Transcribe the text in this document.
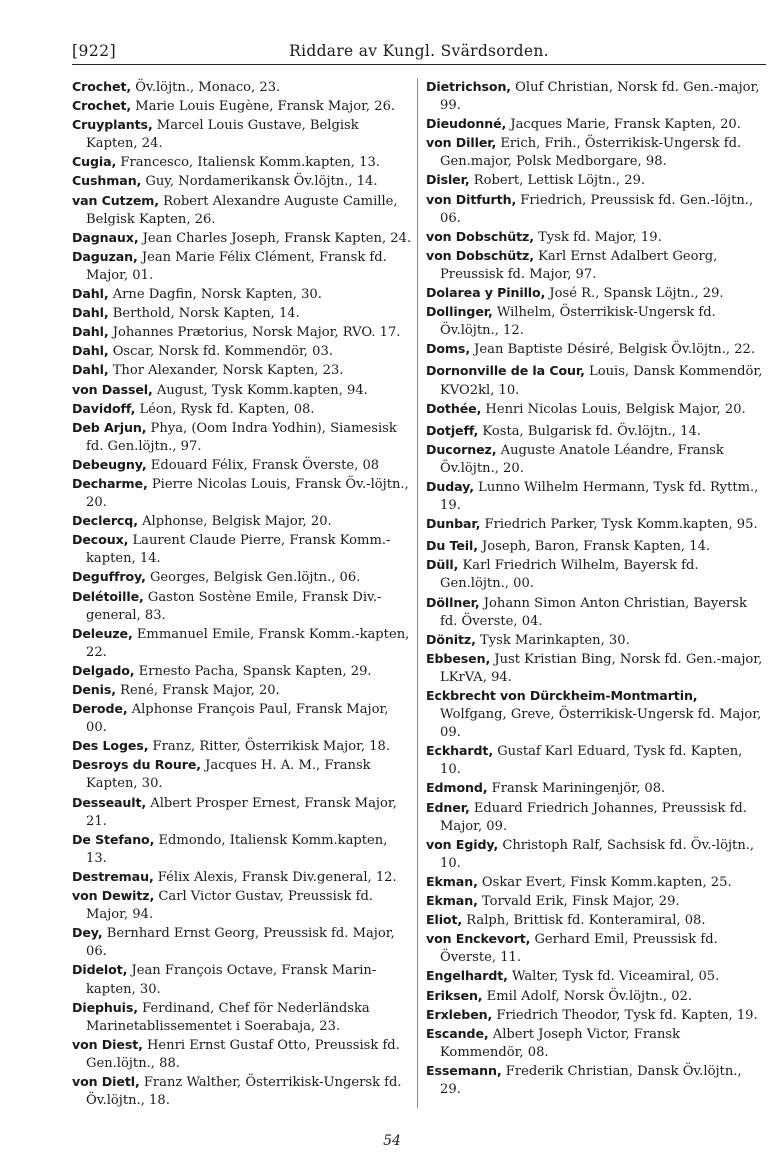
[922]	Riddare av Kungl. Svärdsorden.

Crochet, Öv.löjtn., Monaco, 23.

Crochet, Marie Louis Eugène, Fransk Major, 26.

Cruyplants, Marcel Louis Gustave, Belgisk Kapten, 24.

Cugia, Francesco, Italiensk Komm.kapten, 13.

Cushman, Guy, Nordamerikansk Öv.löjtn., 14.

van Cutzem, Robert Alexandre Auguste Camille, Belgisk Kapten, 26.

Dagnaux, Jean Charles Joseph, Fransk Kapten, 24.

Daguzan, Jean Marie Félix Clément, Fransk fd. Major, 01.

Dahl, Arne Dagfin, Norsk Kapten, 30.

Dahl, Berthold, Norsk Kapten, 14.

Dahl, Johannes Prætorius, Norsk Major, RVO. 17.

Dahl, Oscar, Norsk fd. Kommendör, 03.

Dahl, Thor Alexander, Norsk Kapten, 23.

von Dassel, August, Tysk Komm.kapten, 94.

Davidoff, Léon, Rysk fd. Kapten, 08.

Deb Arjun, Phya, (Oom Indra Yodhin), Siamesisk fd. Gen.löjtn., 97.

Debeugny, Edouard Félix, Fransk Överste, 08

Decharme, Pierre Nicolas Louis, Fransk Öv.-löjtn., 20.

Declercq, Alphonse, Belgisk Major, 20.

Decoux, Laurent Claude Pierre, Fransk Komm.-kapten, 14.

Deguffroy, Georges, Belgisk Gen.löjtn., 06.

Delétoille, Gaston Sostène Emile, Fransk Div.-general, 83.

Deleuze, Emmanuel Emile, Fransk Komm.-kapten, 22.

Delgado, Ernesto Pacha, Spansk Kapten, 29.

Denis, René, Fransk Major, 20.

Derode, Alphonse François Paul, Fransk Major, 00.

Des Loges, Franz, Ritter, Österrikisk Major, 18.

Desroys du Roure, Jacques H. A. M., Fransk Kapten, 30.

Desseault, Albert Prosper Ernest, Fransk Major, 21.

De Stefano, Edmondo, Italiensk Komm.kapten, 13.

Destremau, Félix Alexis, Fransk Div.general, 12.

von Dewitz, Carl Victor Gustav, Preussisk fd. Major, 94.

Dey, Bernhard Ernst Georg, Preussisk fd. Major, 06.

Didelot, Jean François Octave, Fransk Marin-kapten, 30.

Diephuis, Ferdinand, Chef för Nederländska Marinetablissementet i Soerabaja, 23.

von Diest, Henri Ernst Gustaf Otto, Preussisk fd. Gen.löjtn., 88.

von Dietl, Franz Walther, Österrikisk-Ungersk fd. Öv.löjtn., 18.

Dietrichson, Oluf Christian, Norsk fd. Gen.-major, 99.

Dieudonné, Jacques Marie, Fransk Kapten, 20.

von Diller, Erich, Frih., Österrikisk-Ungersk fd. Gen.major, Polsk Medborgare, 98.

Disler, Robert, Lettisk Löjtn., 29.

von Ditfurth, Friedrich, Preussisk fd. Gen.-löjtn., 06.

von Dobschütz, Tysk fd. Major, 19.

von Dobschütz, Karl Ernst Adalbert Georg, Preussisk fd. Major, 97.

Dolarea y Pinillo, José R., Spansk Löjtn., 29.

Dollinger, Wilhelm, Österrikisk-Ungersk fd. Öv.löjtn., 12.

Doms, Jean Baptiste Désiré, Belgisk Öv.löjtn., 22.

Dornonville de la Cour, Louis, Dansk Kommendör, KVO2kl, 10.

Dothée, Henri Nicolas Louis, Belgisk Major, 20.

Dotjeff, Kosta, Bulgarisk fd. Öv.löjtn., 14.

Ducornez, Auguste Anatole Léandre, Fransk Öv.löjtn., 20.

Duday, Lunno Wilhelm Hermann, Tysk fd. Ryttm., 19.

Dunbar, Friedrich Parker, Tysk Komm.kapten, 95.

Du Teil, Joseph, Baron, Fransk Kapten, 14.

Düll, Karl Friedrich Wilhelm, Bayersk fd. Gen.löjtn., 00.

Döllner, Johann Simon Anton Christian, Bayersk fd. Överste, 04.

Dönitz, Tysk Marinkapten, 30.

Ebbesen, Just Kristian Bing, Norsk fd. Gen.-major, LKrVA, 94.

Eckbrecht von Dürckheim-Montmartin, Wolfgang, Greve, Österrikisk-Ungersk fd. Major, 09.

Eckhardt, Gustaf Karl Eduard, Tysk fd. Kapten, 10.

Edmond, Fransk Mariningenjör, 08.

Edner, Eduard Friedrich Johannes, Preussisk fd. Major, 09.

von Egidy, Christoph Ralf, Sachsisk fd. Öv.-löjtn., 10.

Ekman, Oskar Evert, Finsk Komm.kapten, 25.

Ekman, Torvald Erik, Finsk Major, 29.

Eliot, Ralph, Brittisk fd. Konteramiral, 08.

von Enckevort, Gerhard Emil, Preussisk fd. Överste, 11.

Engelhardt, Walter, Tysk fd. Viceamiral, 05.

Eriksen, Emil Adolf, Norsk Öv.löjtn., 02.

Erxleben, Friedrich Theodor, Tysk fd. Kapten, 19.

Escande, Albert Joseph Victor, Fransk Kommendör, 08.

Essemann, Frederik Christian, Dansk Öv.löjtn., 29.

54
